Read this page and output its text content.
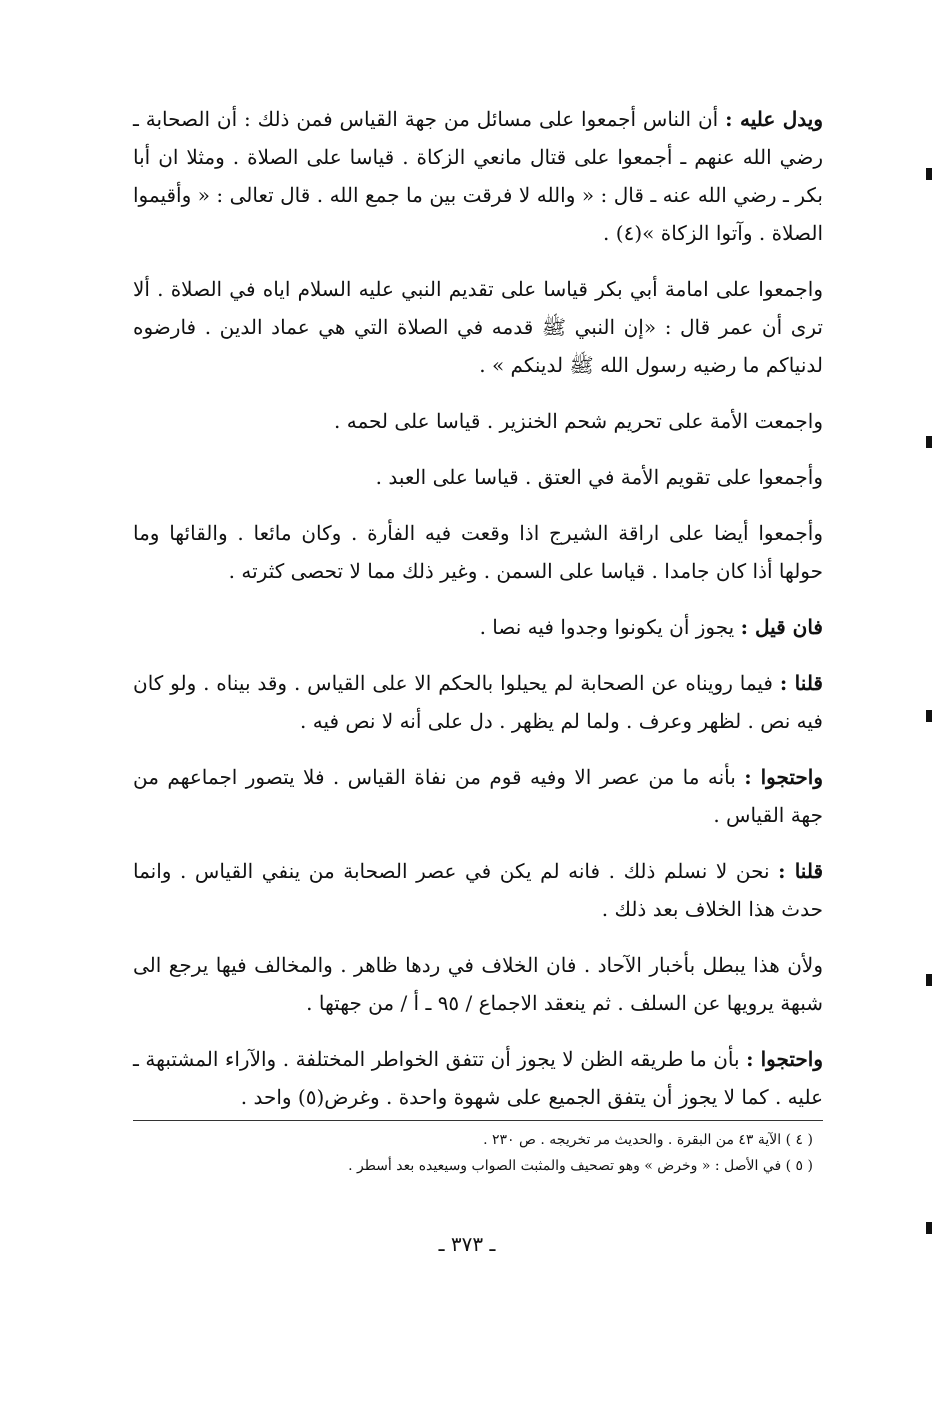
ويدل عليه :أن الناس أجمعوا على مسائل من جهة القياس فمن ذلك : أن الصحابة ـ رضي الله عنهم ـ أجمعوا على قتال مانعي الزكاة . قياسا على الصلاة . ومثلا ان أبا بكر ـ رضي الله عنه ـ قال : « والله لا فرقت بين ما جمع الله . قال تعالى : « وأقيموا الصلاة . وآتوا الزكاة »(٤) .

واجمعوا على امامة أبي بكر قياسا على تقديم النبي عليه السلام اياه في الصلاة . ألا ترى أن عمر قال : «إن النبي ﷺ قدمه في الصلاة التي هي عماد الدين . فارضوه لدنياكم ما رضيه رسول الله ﷺ لدينكم » .

واجمعت الأمة على تحريم شحم الخنزير . قياسا على لحمه .

وأجمعوا على تقويم الأمة في العتق . قياسا على العبد .

وأجمعوا أيضا على اراقة الشيرج اذا وقعت فيه الفأرة . وكان مائعا . والقائها وما حولها أذا كان جامدا . قياسا على السمن . وغير ذلك مما لا تحصى كثرته .

فان قيل :يجوز أن يكونوا وجدوا فيه نصا .

قلنا :فيما رويناه عن الصحابة لم يحيلوا بالحكم الا على القياس . وقد بيناه . ولو كان فيه نص . لظهر وعرف . ولما لم يظهر . دل على أنه لا نص فيه .

واحتجوا :بأنه ما من عصر الا وفيه قوم من نفاة القياس . فلا يتصور اجماعهم من جهة القياس .

قلنا :نحن لا نسلم ذلك . فانه لم يكن في عصر الصحابة من ينفي القياس . وانما حدث هذا الخلاف بعد ذلك .

ولأن هذا يبطل بأخبار الآحاد . فان الخلاف في ردها ظاهر . والمخالف فيها يرجع الى شبهة يرويها عن السلف . ثم ينعقد الاجماع / ٩٥ ـ أ / من جهتها .

واحتجوا :بأن ما طريقه الظن لا يجوز أن تتفق الخواطر المختلفة . والآراء المشتبهة ـ عليه . كما لا يجوز أن يتفق الجميع على شهوة واحدة . وغرض(٥) واحد .

( ٤ ) الآية ٤٣ من البقرة . والحديث مر تخريجه . ص ٢٣٠ .

( ٥ ) في الأصل : « وخرض » وهو تصحيف والمثبت الصواب وسيعيده بعد أسطر .

ـ ٣٧٣ ـ
